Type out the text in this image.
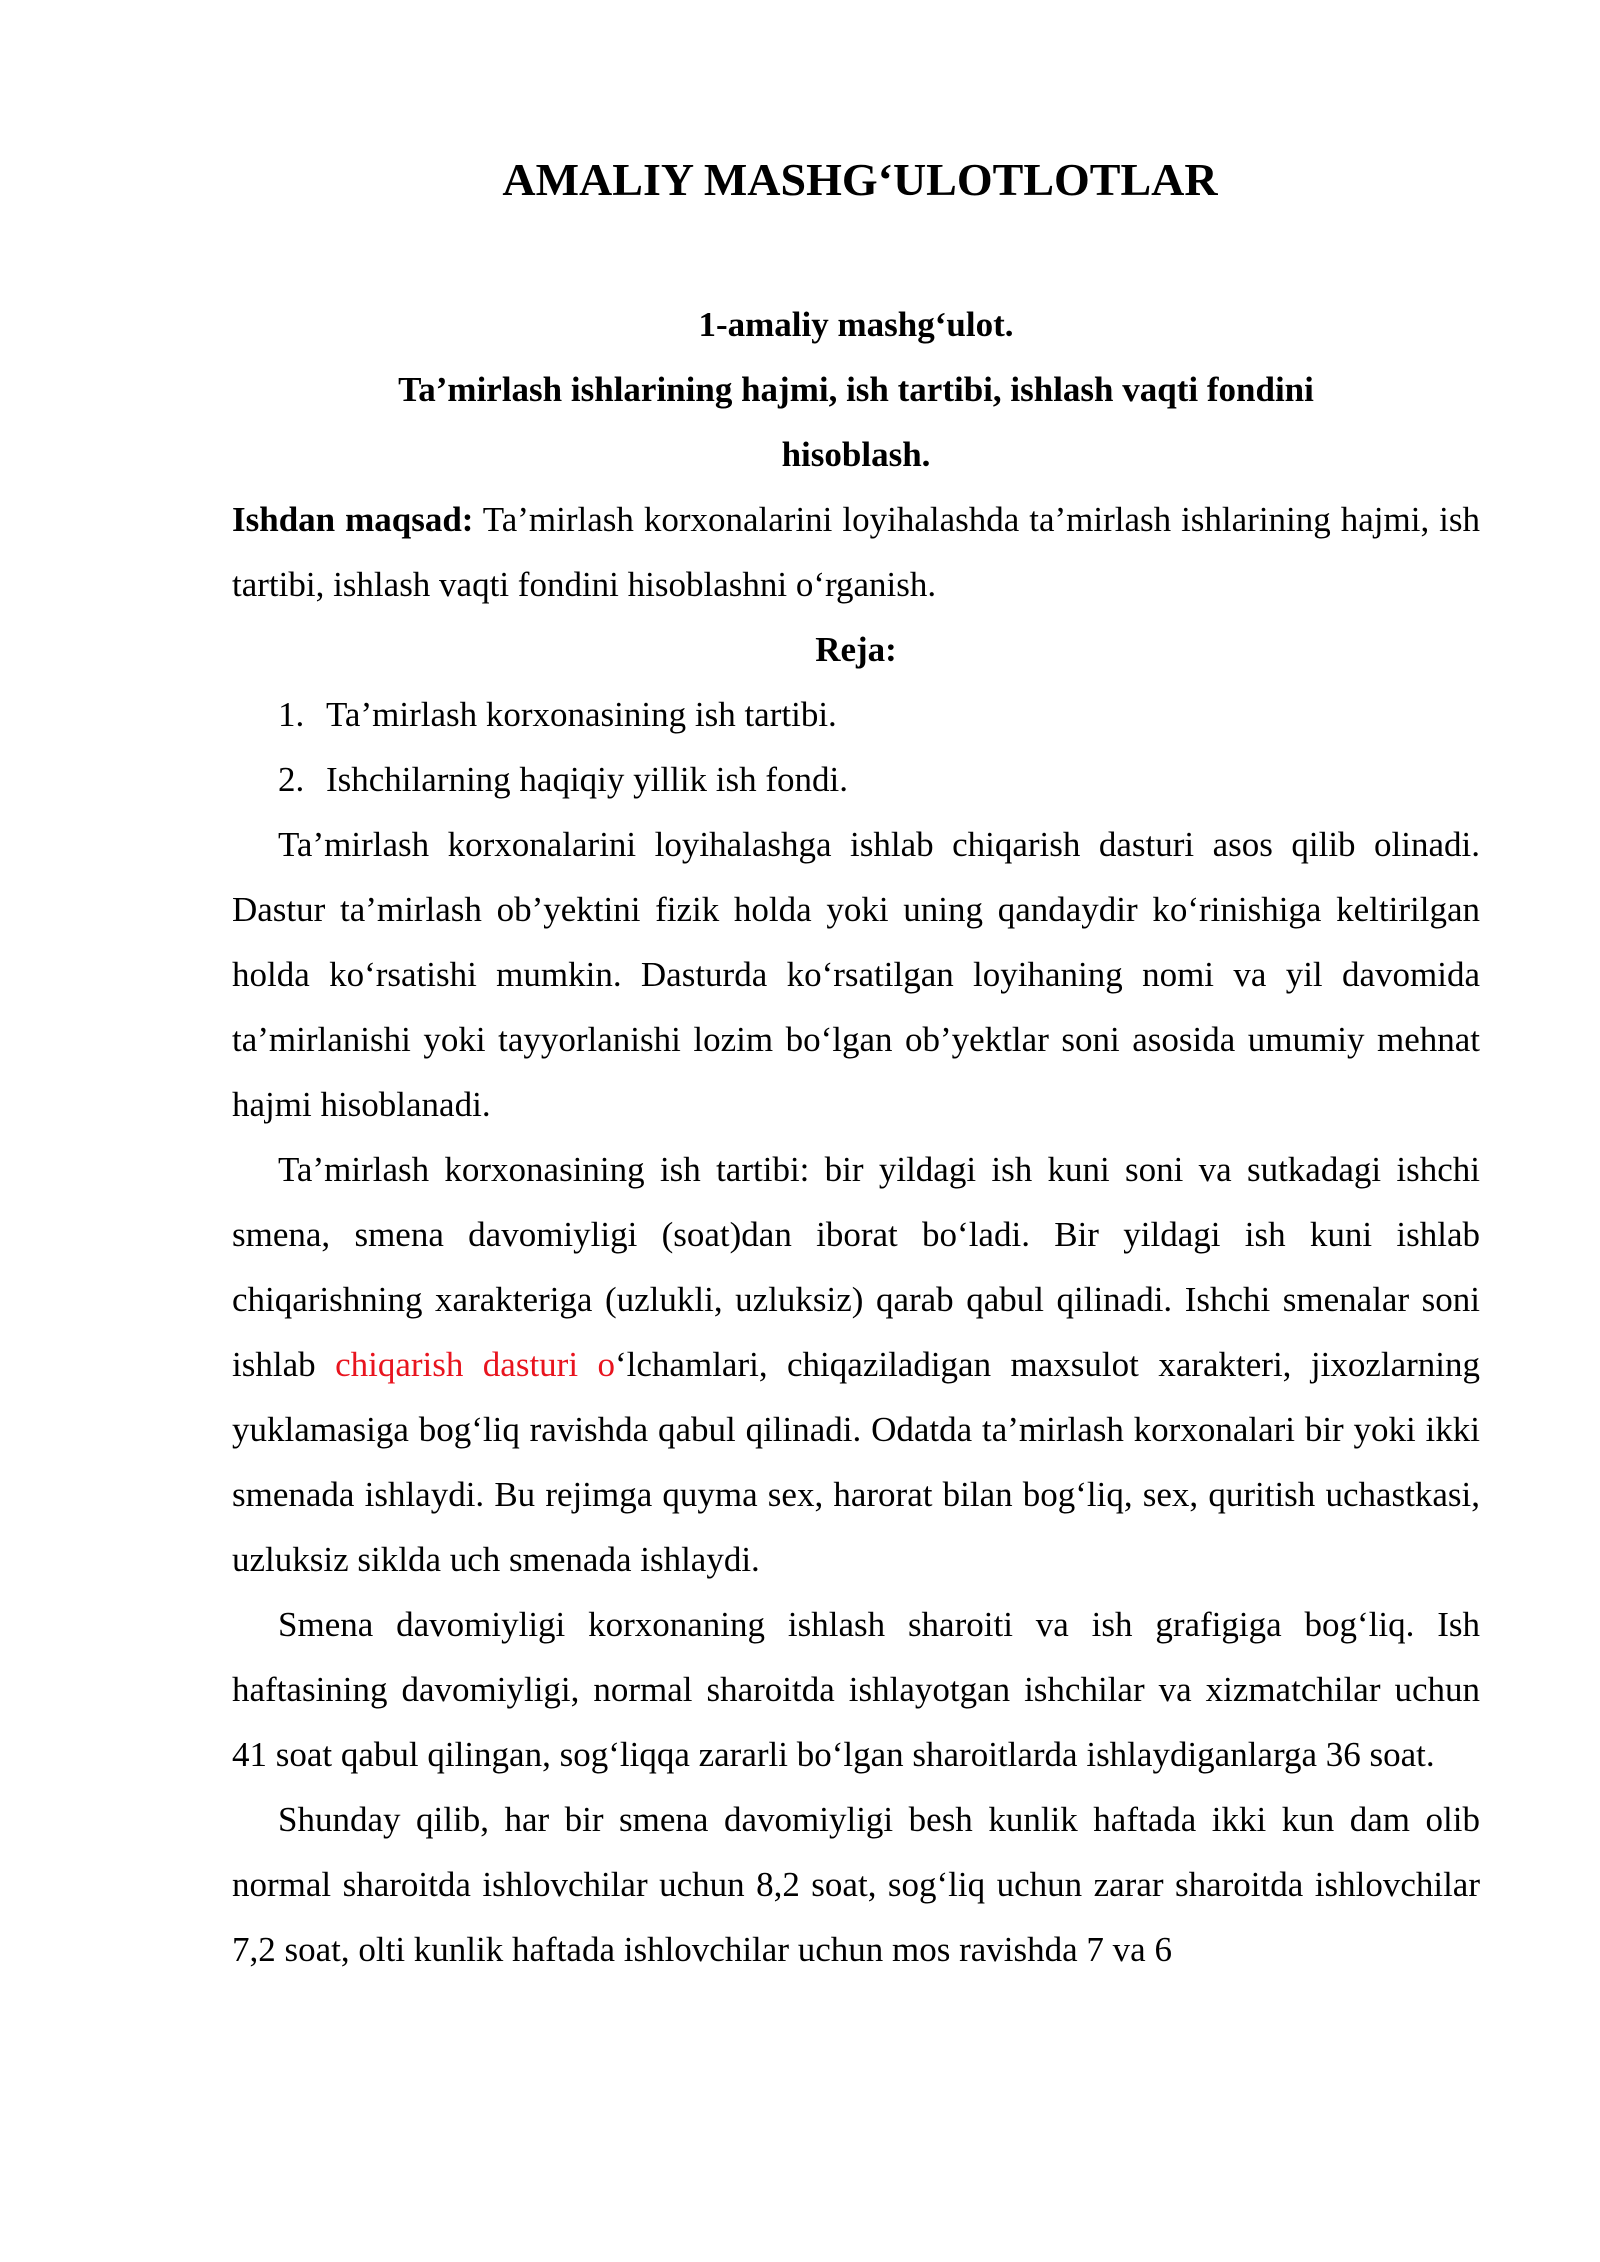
AMALIY MASHG‘ULOTLOTLAR
1-amaliy mashg‘ulot.
Ta’mirlash ishlarining hajmi, ish tartibi, ishlash vaqti fondini
hisoblash.
Ishdan maqsad: Ta’mirlash korxonalarini loyihalashda ta’mirlash ishlarining hajmi, ish tartibi, ishlash vaqti fondini hisoblashni o‘rganish.
Reja:
1. Ta’mirlash korxonasining ish tartibi.
2. Ishchilarning haqiqiy yillik ish fondi.
Ta’mirlash korxonalarini loyihalashga ishlab chiqarish dasturi asos qilib olinadi. Dastur ta’mirlash ob’yektini fizik holda yoki uning qandaydir ko‘rinishiga keltirilgan holda ko‘rsatishi mumkin. Dasturda ko‘rsatilgan loyihaning nomi va yil davomida ta’mirlanishi yoki tayyorlanishi lozim bo‘lgan ob’yektlar soni asosida umumiy mehnat hajmi hisoblanadi.
Ta’mirlash korxonasining ish tartibi: bir yildagi ish kuni soni va sutkadagi ishchi smena, smena davomiyligi (soat)dan iborat bo‘ladi. Bir yildagi ish kuni ishlab chiqarishning xarakteriga (uzlukli, uzluksiz) qarab qabul qilinadi. Ishchi smenalar soni ishlab chiqarish dasturi o‘lchamlari, chiqaziladigan maxsulot xarakteri, jixozlarning yuklamasiga bog‘liq ravishda qabul qilinadi. Odatda ta’mirlash korxonalari bir yoki ikki smenada ishlaydi. Bu rejimga quyma sex, harorat bilan bog‘liq, sex, quritish uchastkasi, uzluksiz siklda uch smenada ishlaydi.
Smena davomiyligi korxonaning ishlash sharoiti va ish grafigiga bog‘liq. Ish haftasining davomiyligi, normal sharoitda ishlayotgan ishchilar va xizmatchilar uchun 41 soat qabul qilingan, sog‘liqqa zararli bo‘lgan sharoitlarda ishlaydiganlarga 36 soat.
Shunday qilib, har bir smena davomiyligi besh kunlik haftada ikki kun dam olib normal sharoitda ishlovchilar uchun 8,2 soat, sog‘liq uchun zarar sharoitda ishlovchilar 7,2 soat, olti kunlik haftada ishlovchilar uchun mos ravishda 7 va 6
